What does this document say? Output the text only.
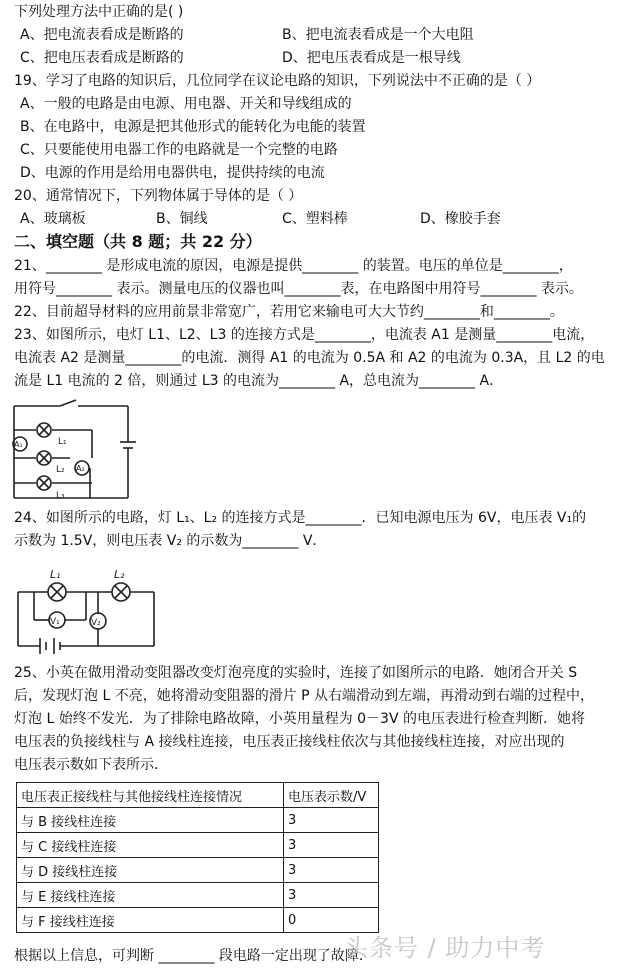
下列处理方法中正确的是( )
A、把电流表看成是断路的	B、把电流表看成是一个大电阻
C、把电压表看成是断路的	D、把电压表看成是一根导线
19、学习了电路的知识后，几位同学在议论电路的知识，下列说法中不正确的是（ ）
A、一般的电路是由电源、用电器、开关和导线组成的
B、在电路中，电源是把其他形式的能转化为电能的装置
C、只要能使用电器工作的电路就是一个完整的电路
D、电源的作用是给用电器供电，提供持续的电流
20、通常情况下，下列物体属于导体的是（ ）
A、玻璃板	B、铜线	C、塑料棒	D、橡胶手套
二、填空题（共 8 题；共 22 分）
21、________ 是形成电流的原因，电源是提供________ 的装置。电压的单位是________，
用符号________ 表示。测量电压的仪器也叫________表，在电路图中用符号________ 表示。
22、目前超导材料的应用前景非常宽广，若用它来输电可大大节约________和________。
23、如图所示，电灯 L1、L2、L3 的连接方式是________，电流表 A1 是测量________电流，
电流表 A2 是测量________的电流．测得 A1 的电流为 0.5A 和 A2 的电流为 0.3A，且 L2 的电
流是 L1 电流的 2 倍，则通过 L3 的电流为________ A，总电流为________ A．
A₁
A₂
L₁
L₂
L₃
24、如图所示的电路，灯 L₁、L₂ 的连接方式是________．已知电源电压为 6V，电压表 V₁的
示数为 1.5V，则电压表 V₂ 的示数为________ V．
V₁	V₂
L₁	L₂
25、小英在做用滑动变阻器改变灯泡亮度的实验时，连接了如图所示的电路．她闭合开关 S
后，发现灯泡 L 不亮，她将滑动变阻器的滑片 P 从右端滑动到左端，再滑动到右端的过程中，
灯泡 L 始终不发光．为了排除电路故障，小英用量程为 0－3V 的电压表进行检查判断．她将
电压表的负接线柱与 A 接线柱连接，电压表正接线柱依次与其他接线柱连接，对应出现的
电压表示数如下表所示．
电压表正接线柱与其他接线柱连接情况	电压表示数/V
与 B 接线柱连接	3
与 C 接线柱连接	3
与 D 接线柱连接	3
与 E 接线柱连接	3
与 F 接线柱连接	0
根据以上信息，可判断 ________ 段电路一定出现了故障．
头条号 / 助力中考
